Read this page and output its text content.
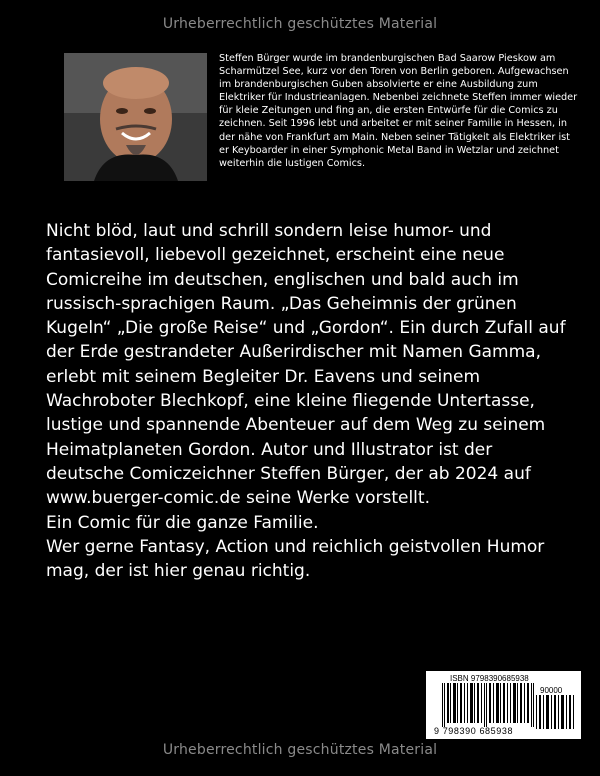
Urheberrechtlich geschütztes Material
Steffen Bürger wurde im brandenburgischen Bad Saarow Pieskow am Scharmützel See, kurz vor den Toren von Berlin geboren. Aufgewachsen im brandenburgischen Guben absolvierte er eine Ausbildung zum Elektriker für Industrieanlagen. Nebenbei zeichnete Steffen immer wieder für kleie Zeitungen und fing an, die ersten Entwürfe für die Comics zu zeichnen. Seit 1996 lebt und arbeitet er mit seiner Familie in Hessen, in der nähe von Frankfurt am Main. Neben seiner Tätigkeit als Elektriker ist er Keyboarder in einer Symphonic Metal Band in Wetzlar und zeichnet weiterhin die lustigen Comics.

Nicht blöd, laut und schrill sondern leise humor- und fantasievoll, liebevoll gezeichnet, erscheint eine neue Comicreihe im deutschen, englischen und bald auch im russisch-sprachigen Raum. „Das Geheimnis der grünen Kugeln“ „Die große Reise“ und „Gordon“. Ein durch Zufall auf der Erde gestrandeter Außerirdischer mit Namen Gamma, erlebt mit seinem Begleiter Dr. Eavens und seinem Wachroboter Blechkopf, eine kleine fliegende Untertasse, lustige und spannende Abenteuer auf dem Weg zu seinem Heimatplaneten Gordon. Autor und Illustrator ist der deutsche Comiczeichner Steffen Bürger, der ab 2024 auf www.buerger-comic.de seine Werke vorstellt.
Ein Comic für die ganze Familie.
Wer gerne Fantasy, Action und reichlich geistvollen Humor mag, der ist hier genau richtig.

ISBN 9798390685938
90000
9 798390 685938
Urheberrechtlich geschütztes Material
